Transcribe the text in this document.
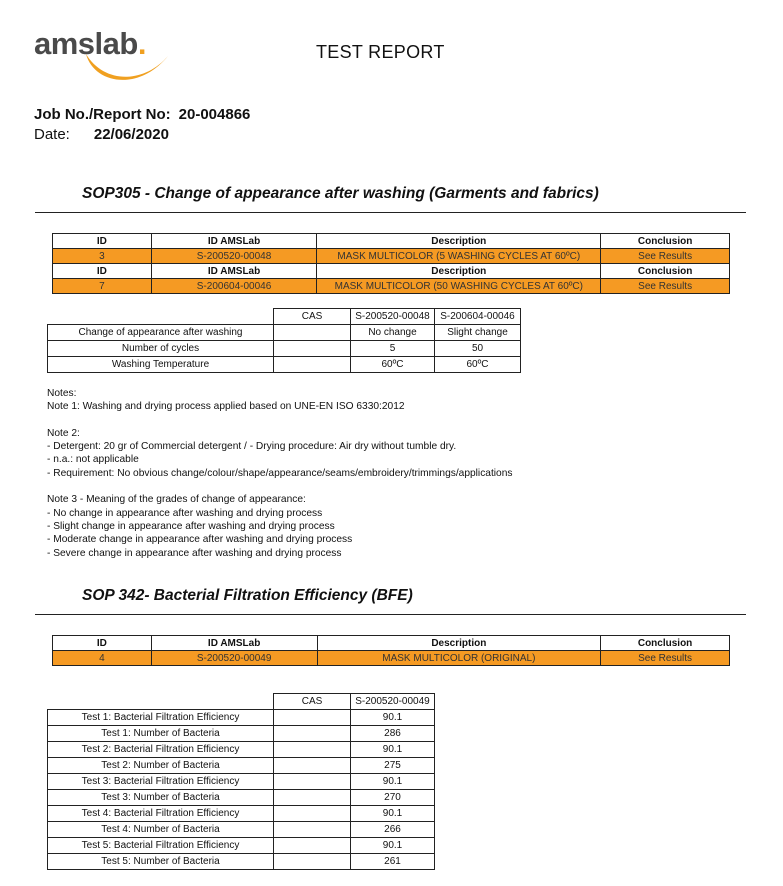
amslab.	TEST REPORT
Job No./Report No: 20-004866
Date: 22/06/2020
SOP305 - Change of appearance after washing (Garments and fabrics)
ID	ID AMSLab	Description	Conclusion
3	S-200520-00048	MASK MULTICOLOR (5 WASHING CYCLES AT 60ºC)	See Results
ID	ID AMSLab	Description	Conclusion
7	S-200604-00046	MASK MULTICOLOR (50 WASHING CYCLES AT 60ºC)	See Results
	CAS	S-200520-00048	S-200604-00046
Change of appearance after washing		No change	Slight change
Number of cycles		5	50
Washing Temperature		60ºC	60ºC
Notes:
Note 1: Washing and drying process applied based on UNE-EN ISO 6330:2012

Note 2:
- Detergent: 20 gr of Commercial detergent / - Drying procedure: Air dry without tumble dry.
- n.a.: not applicable
- Requirement: No obvious change/colour/shape/appearance/seams/embroidery/trimmings/applications

Note 3 - Meaning of the grades of change of appearance:
- No change in appearance after washing and drying process
- Slight change in appearance after washing and drying process
- Moderate change in appearance after washing and drying process
- Severe change in appearance after washing and drying process
SOP 342- Bacterial Filtration Efficiency (BFE)
ID	ID AMSLab	Description	Conclusion
4	S-200520-00049	MASK MULTICOLOR (ORIGINAL)	See Results
	CAS	S-200520-00049
Test 1: Bacterial Filtration Efficiency		90.1
Test 1: Number of Bacteria		286
Test 2: Bacterial Filtration Efficiency		90.1
Test 2: Number of Bacteria		275
Test 3: Bacterial Filtration Efficiency		90.1
Test 3: Number of Bacteria		270
Test 4: Bacterial Filtration Efficiency		90.1
Test 4: Number of Bacteria		266
Test 5: Bacterial Filtration Efficiency		90.1
Test 5: Number of Bacteria		261
